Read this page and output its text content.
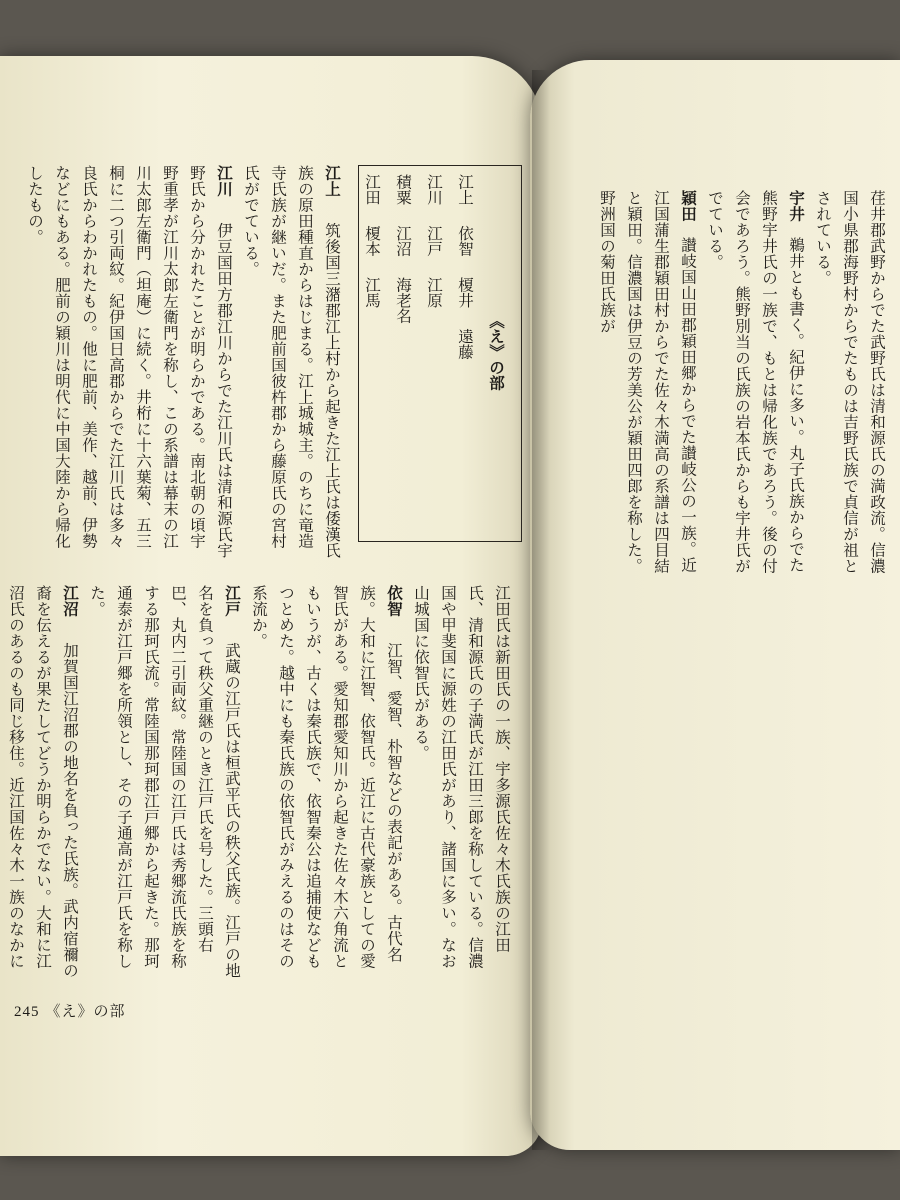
荏井郡武野からでた武野氏は清和源氏の満政流。信濃国小県郡海野村からでたものは吉野氏族で貞信が祖とされている。

宇井 鵜井とも書く。紀伊に多い。丸子氏族からでた熊野宇井氏の一族で、もとは帰化族であろう。後の付会であろう。熊野別当の氏族の岩本氏からも宇井氏がでている。

穎田 讃岐国山田郡穎田郷からでた讃岐公の一族。近江国蒲生郡穎田村からでた佐々木満高の系譜は四目結と穎田。信濃国は伊豆の芳美公が穎田四郎を称した。野洲国の菊田氏族が

《え》の部
江上　 依智　 榎井　 遠藤
江川　 江戸　 江原
積粟　 江沼　 海老名
江田　 榎本　 江馬

江上　筑後国三潴郡江上村から起きた江上氏は倭漢氏族の原田種直からはじまる。江上城城主。のちに竜造寺氏族が継いだ。また肥前国彼杵郡から藤原氏の宮村氏がでている。

江川　伊豆国田方郡江川からでた江川氏は清和源氏宇野氏から分かれたことが明らかである。南北朝の頃宇野重孝が江川太郎左衛門を称し、この系譜は幕末の江川太郎左衛門（坦庵）に続く。井桁に十六葉菊、五三桐に二つ引両紋。紀伊国日高郡からでた江川氏は多々良氏からわかれたもの。他に肥前、美作、越前、伊勢などにもある。肥前の穎川は明代に中国大陸から帰化したもの。

江田氏は新田氏の一族、宇多源氏佐々木氏族の江田氏、清和源氏の子満氏が江田三郎を称している。信濃国や甲斐国に源姓の江田氏があり、諸国に多い。なお山城国に依智氏がある。

依智　江智、愛智、朴智などの表記がある。古代名族。大和に江智、依智氏。近江に古代豪族としての愛智氏がある。愛知郡愛知川から起きた佐々木六角流ともいうが、古くは秦氏族で、依智秦公は追捕使などもつとめた。越中にも秦氏族の依智氏がみえるのはその系流か。

江戸　武蔵の江戸氏は桓武平氏の秩父氏族。江戸の地名を負って秩父重継のとき江戸氏を号した。三頭右巴、丸内二引両紋。常陸国の江戸氏は秀郷流氏族を称する那珂氏流。常陸国那珂郡江戸郷から起きた。那珂通泰が江戸郷を所領とし、その子通高が江戸氏を称した。

江沼　加賀国江沼郡の地名を負った氏族。武内宿禰の裔を伝えるが果たしてどうか明らかでない。大和に江沼氏のあるのも同じ移住。近江国佐々木一族のなかに

245 《え》の部
